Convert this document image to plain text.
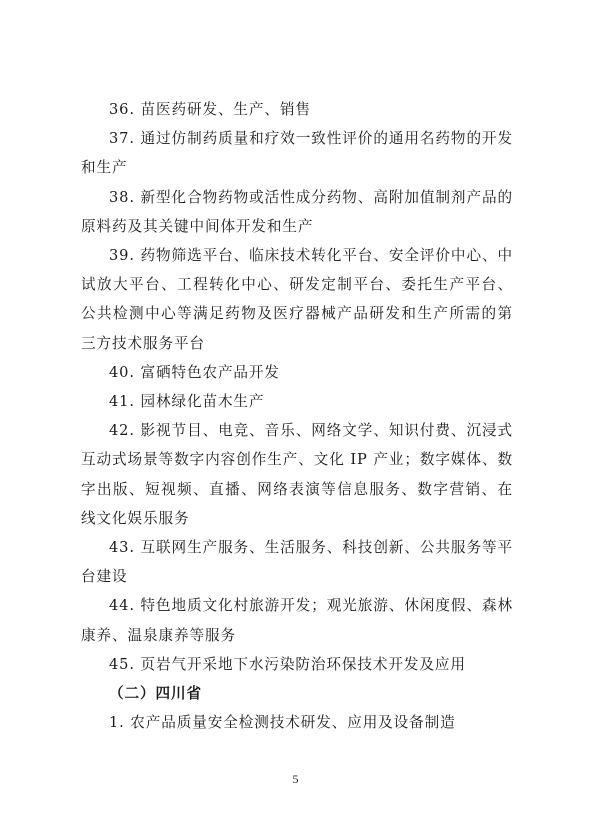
36. 苗医药研发、生产、销售

37. 通过仿制药质量和疗效一致性评价的通用名药物的开发和生产

38. 新型化合物药物或活性成分药物、高附加值制剂产品的原料药及其关键中间体开发和生产

39. 药物筛选平台、临床技术转化平台、安全评价中心、中试放大平台、工程转化中心、研发定制平台、委托生产平台、公共检测中心等满足药物及医疗器械产品研发和生产所需的第三方技术服务平台

40. 富硒特色农产品开发

41. 园林绿化苗木生产

42. 影视节目、电竞、音乐、网络文学、知识付费、沉浸式互动式场景等数字内容创作生产、文化 IP 产业；数字媒体、数字出版、短视频、直播、网络表演等信息服务、数字营销、在线文化娱乐服务

43. 互联网生产服务、生活服务、科技创新、公共服务等平台建设

44. 特色地质文化村旅游开发；观光旅游、休闲度假、森林康养、温泉康养等服务

45. 页岩气开采地下水污染防治环保技术开发及应用

（二）四川省

1. 农产品质量安全检测技术研发、应用及设备制造

5
